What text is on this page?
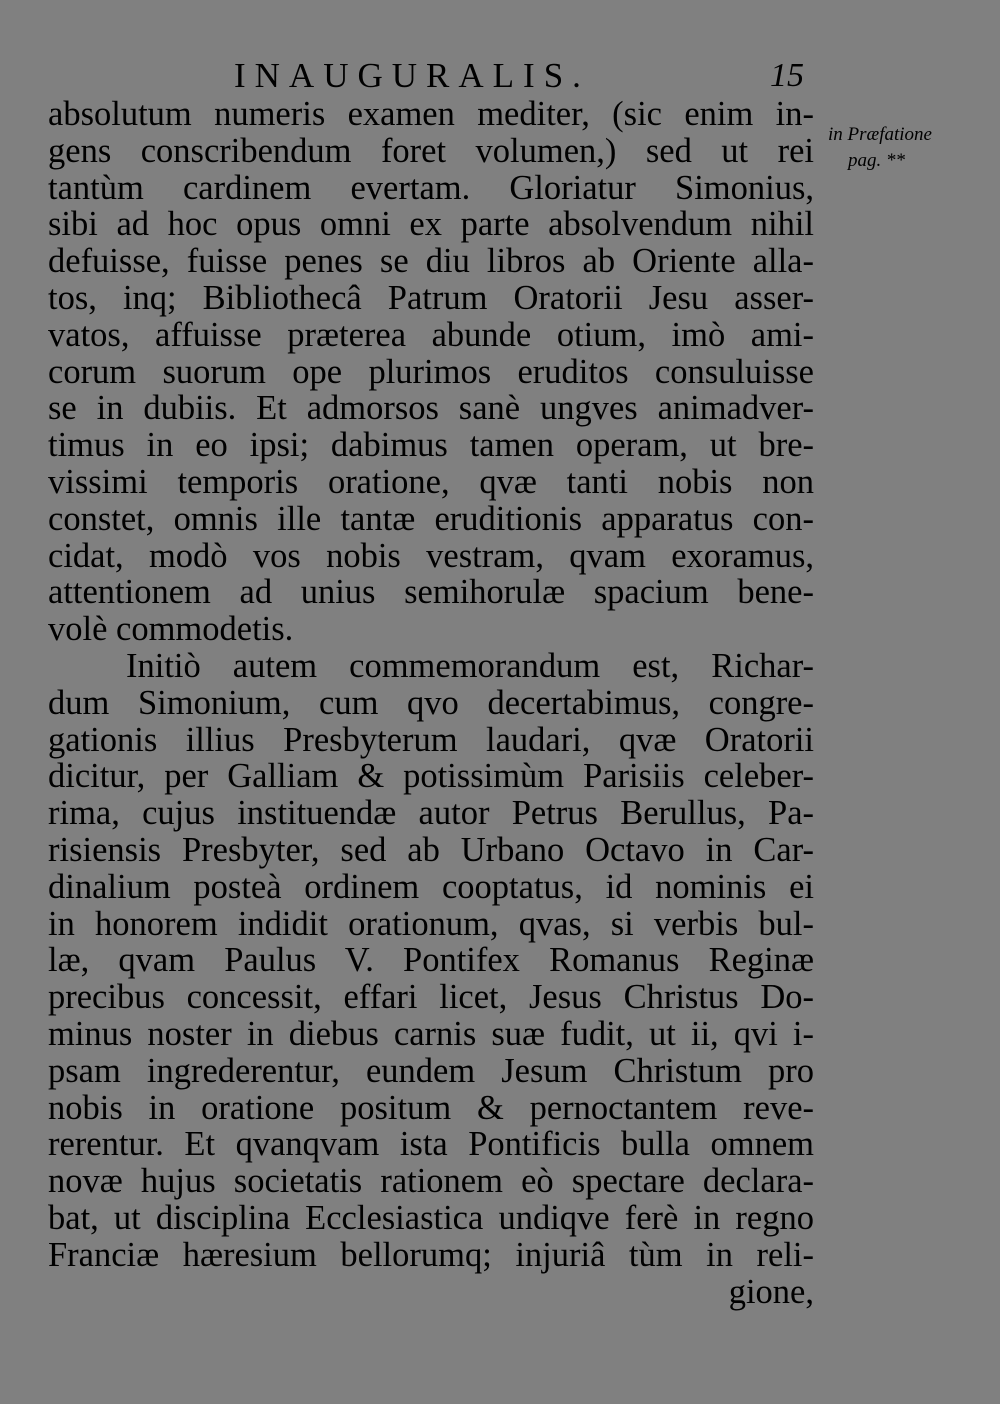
INAUGURALIS.	15
in Præfatione
pag. **
absolutum numeris examen mediter, (sic enim in-
gens conscribendum foret volumen,) sed ut rei
tantùm cardinem evertam. Gloriatur Simonius,
sibi ad hoc opus omni ex parte absolvendum nihil
defuisse, fuisse penes se diu libros ab Oriente alla-
tos, inq; Bibliothecâ Patrum Oratorii Jesu asser-
vatos, affuisse præterea abunde otium, imò ami-
corum suorum ope plurimos eruditos consuluisse
se in dubiis. Et admorsos sanè ungves animadver-
timus in eo ipsi; dabimus tamen operam, ut bre-
vissimi temporis oratione, qvæ tanti nobis non
constet, omnis ille tantæ eruditionis apparatus con-
cidat, modò vos nobis vestram, qvam exoramus,
attentionem ad unius semihorulæ spacium bene-
volè commodetis.
Initiò autem commemorandum est, Richar-
dum Simonium, cum qvo decertabimus, congre-
gationis illius Presbyterum laudari, qvæ Oratorii
dicitur, per Galliam & potissimùm Parisiis celeber-
rima, cujus instituendæ autor Petrus Berullus, Pa-
risiensis Presbyter, sed ab Urbano Octavo in Car-
dinalium posteà ordinem cooptatus, id nominis ei
in honorem indidit orationum, qvas, si verbis bul-
læ, qvam Paulus V. Pontifex Romanus Reginæ
precibus concessit, effari licet, Jesus Christus Do-
minus noster in diebus carnis suæ fudit, ut ii, qvi i-
psam ingrederentur, eundem Jesum Christum pro
nobis in oratione positum & pernoctantem reve-
rerentur. Et qvanqvam ista Pontificis bulla omnem
novæ hujus societatis rationem eò spectare declara-
bat, ut disciplina Ecclesiastica undiqve ferè in regno
Franciæ hæresium bellorumq; injuriâ tùm in reli-
gione,
